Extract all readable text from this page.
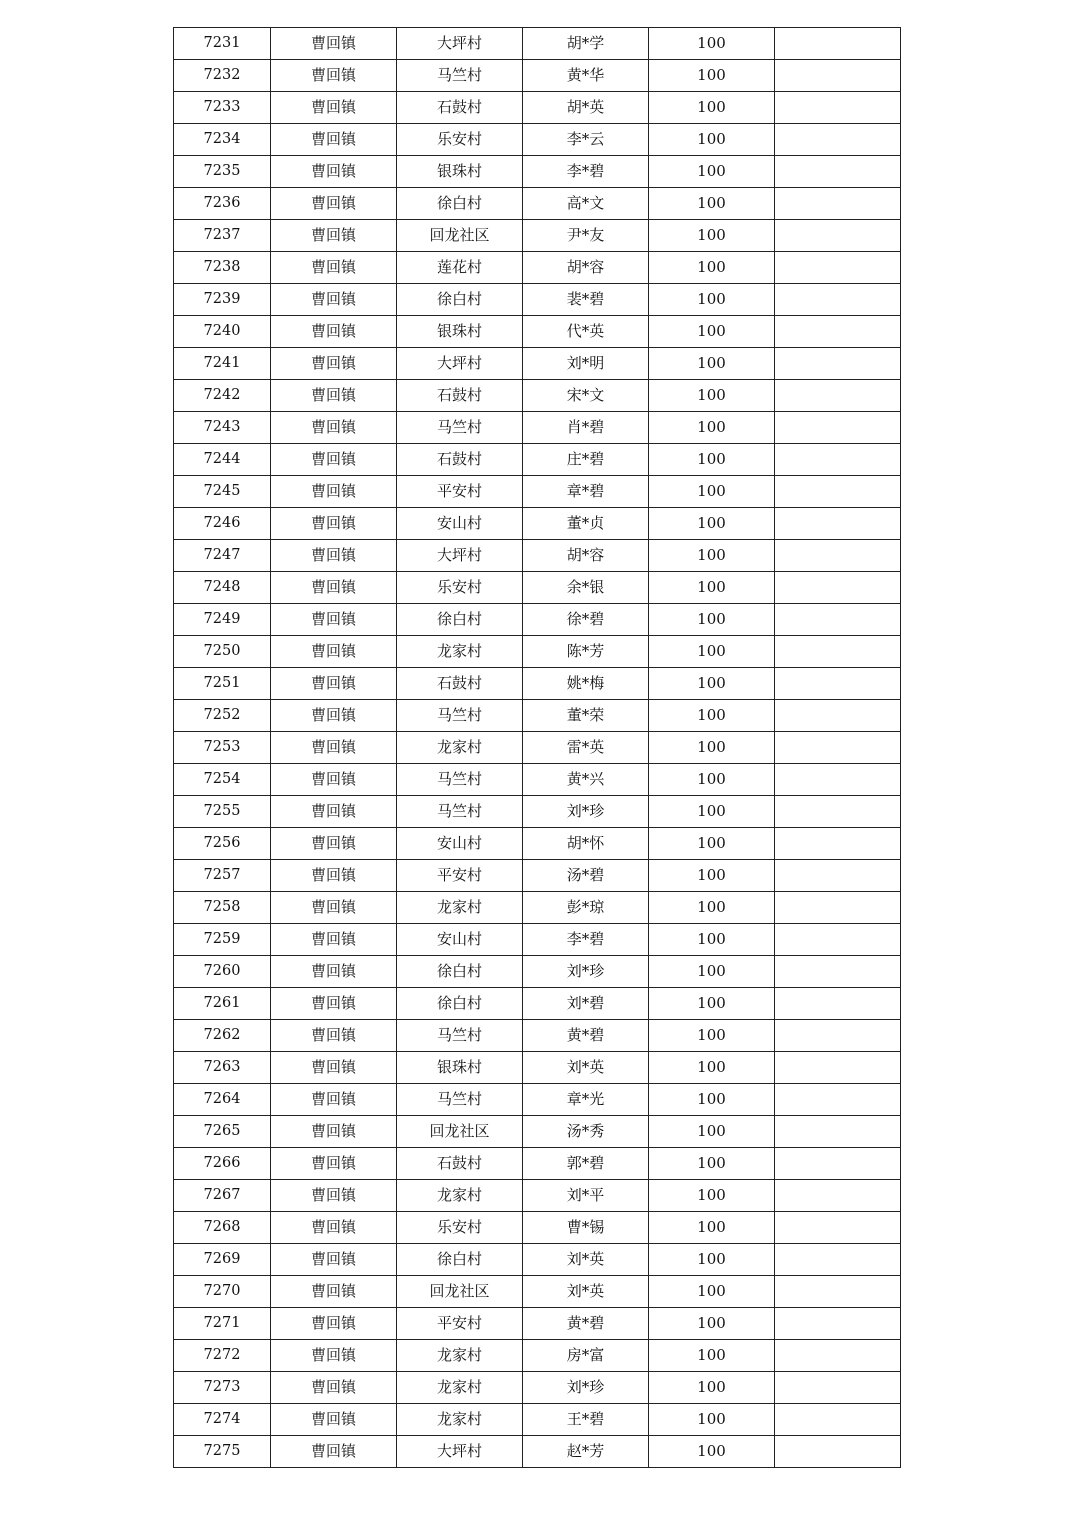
7231	曹回镇	大坪村	胡*学	100	
7232	曹回镇	马竺村	黄*华	100	
7233	曹回镇	石鼓村	胡*英	100	
7234	曹回镇	乐安村	李*云	100	
7235	曹回镇	银珠村	李*碧	100	
7236	曹回镇	徐白村	高*文	100	
7237	曹回镇	回龙社区	尹*友	100	
7238	曹回镇	莲花村	胡*容	100	
7239	曹回镇	徐白村	裴*碧	100	
7240	曹回镇	银珠村	代*英	100	
7241	曹回镇	大坪村	刘*明	100	
7242	曹回镇	石鼓村	宋*文	100	
7243	曹回镇	马竺村	肖*碧	100	
7244	曹回镇	石鼓村	庄*碧	100	
7245	曹回镇	平安村	章*碧	100	
7246	曹回镇	安山村	董*贞	100	
7247	曹回镇	大坪村	胡*容	100	
7248	曹回镇	乐安村	余*银	100	
7249	曹回镇	徐白村	徐*碧	100	
7250	曹回镇	龙家村	陈*芳	100	
7251	曹回镇	石鼓村	姚*梅	100	
7252	曹回镇	马竺村	董*荣	100	
7253	曹回镇	龙家村	雷*英	100	
7254	曹回镇	马竺村	黄*兴	100	
7255	曹回镇	马竺村	刘*珍	100	
7256	曹回镇	安山村	胡*怀	100	
7257	曹回镇	平安村	汤*碧	100	
7258	曹回镇	龙家村	彭*琼	100	
7259	曹回镇	安山村	李*碧	100	
7260	曹回镇	徐白村	刘*珍	100	
7261	曹回镇	徐白村	刘*碧	100	
7262	曹回镇	马竺村	黄*碧	100	
7263	曹回镇	银珠村	刘*英	100	
7264	曹回镇	马竺村	章*光	100	
7265	曹回镇	回龙社区	汤*秀	100	
7266	曹回镇	石鼓村	郭*碧	100	
7267	曹回镇	龙家村	刘*平	100	
7268	曹回镇	乐安村	曹*锡	100	
7269	曹回镇	徐白村	刘*英	100	
7270	曹回镇	回龙社区	刘*英	100	
7271	曹回镇	平安村	黄*碧	100	
7272	曹回镇	龙家村	房*富	100	
7273	曹回镇	龙家村	刘*珍	100	
7274	曹回镇	龙家村	王*碧	100	
7275	曹回镇	大坪村	赵*芳	100	
